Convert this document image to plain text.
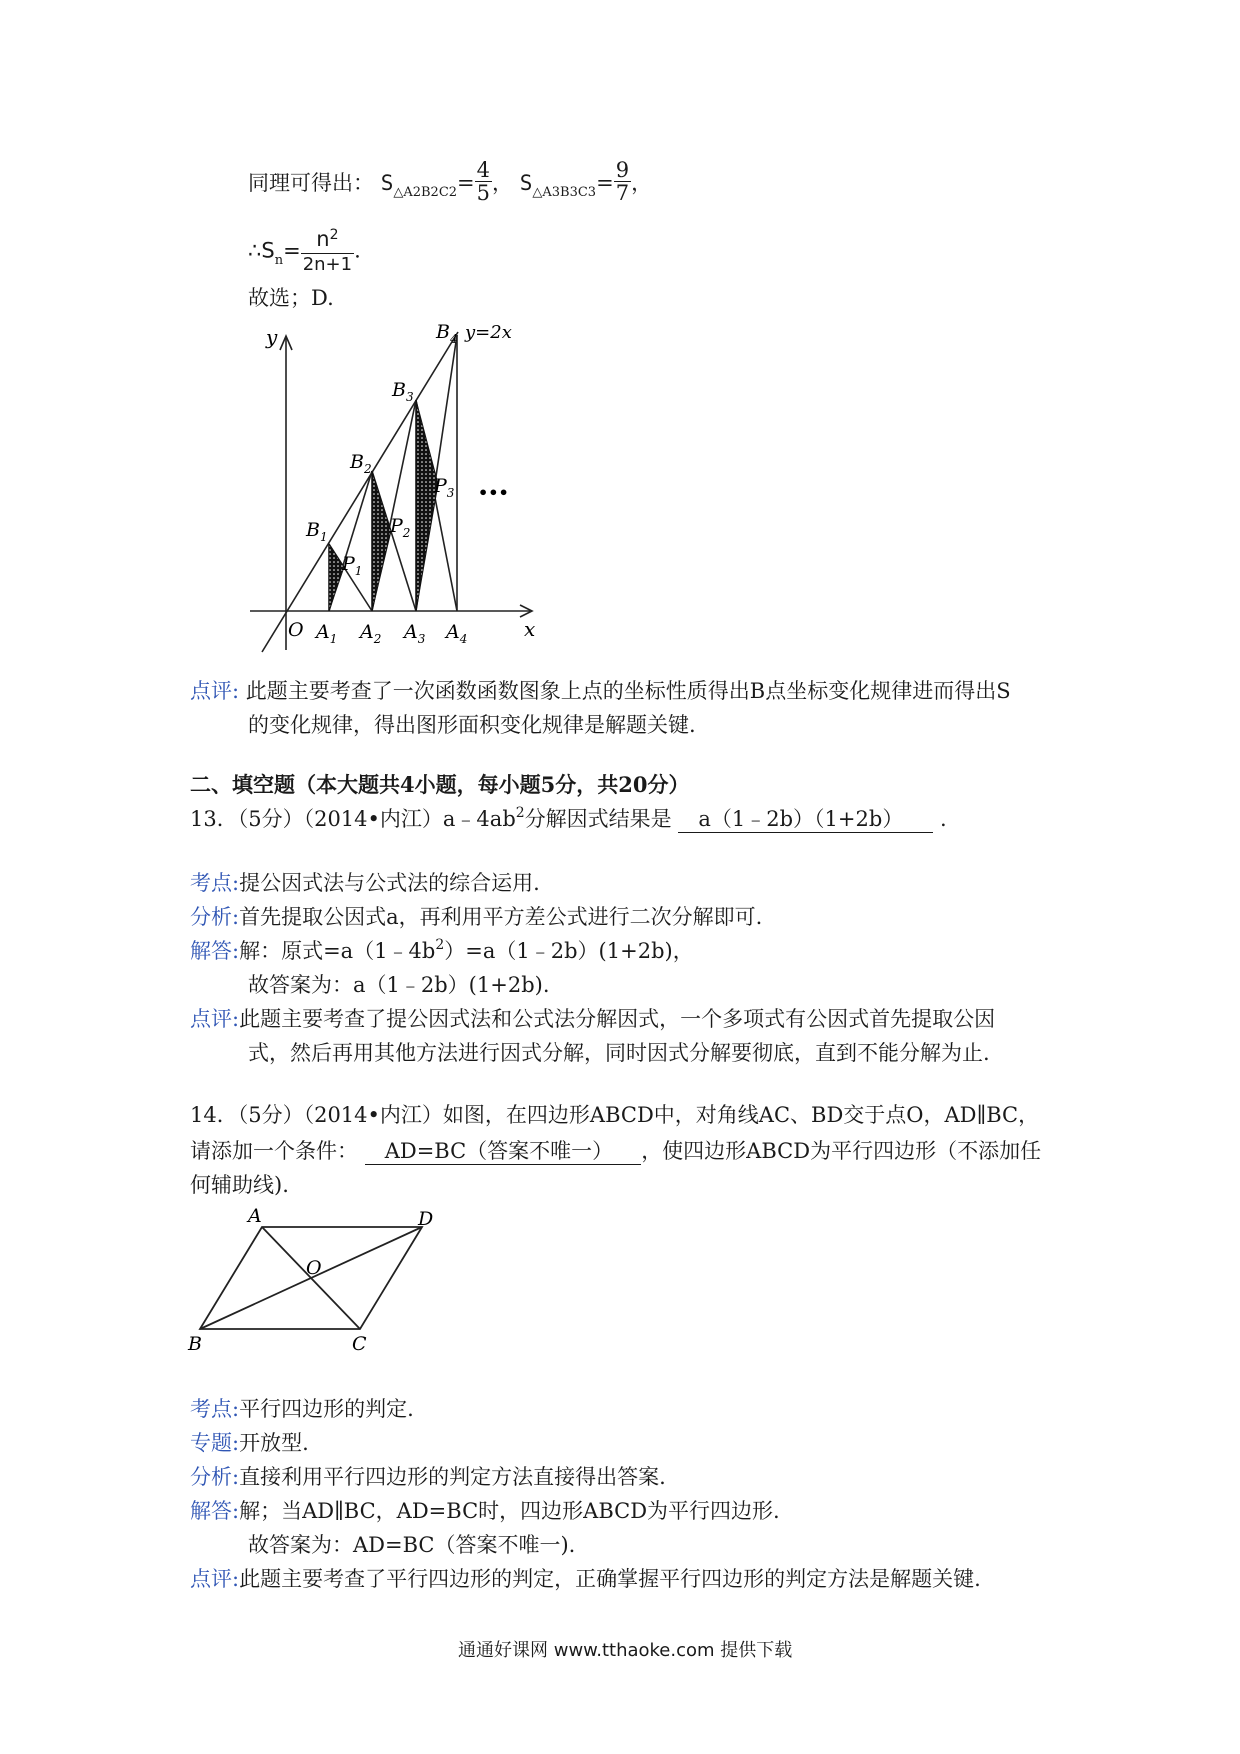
同理可得出： $S_{\triangle A2B2C2}= \frac{4}{5}$ ， $S_{\triangle A3B3C3}= \frac{9}{7}$ ，
$\therefore S_n= \frac{n^2}{2n+1}$ .
故选；D.
y
x
O
y=2x
•••
$A_1$ $A_2$ $A_3$ $A_4$
$B_1$
$B_2$
$B_3$
$B_4$
$P_1$
$P_2$
$P_3$
点评: 此题主要考查了一次函数函数图象上点的坐标性质得出B点坐标变化规律进而得出S
的变化规律，得出图形面积变化规律是解题关键.
二、填空题（本大题共4小题，每小题5分，共20分）
13．（5分）（2014•内江）$a﹣4ab^2$分解因式结果是 a（1﹣2b）（1+2b） .
考点:提公因式法与公式法的综合运用.
分析:首先提取公因式a，再利用平方差公式进行二次分解即可.
解答:解：原式$=a(1﹣4b^2)=a(1﹣2b)(1+2b)$，
故答案为：a（1﹣2b）(1+2b).
点评:此题主要考查了提公因式法和公式法分解因式，一个多项式有公因式首先提取公因
式，然后再用其他方法进行因式分解，同时因式分解要彻底，直到不能分解为止.
14．（5分）（2014•内江）如图，在四边形ABCD中，对角线AC、BD交于点O，AD∥BC，
请添加一个条件： AD=BC（答案不唯一） ，使四边形ABCD为平行四边形（不添加任
何辅助线).
A	D
O
B	C
考点:平行四边形的判定.
专题:开放型.
分析:直接利用平行四边形的判定方法直接得出答案.
解答:解；当AD∥BC，AD=BC时，四边形ABCD为平行四边形.
故答案为：AD=BC（答案不唯一).
点评:此题主要考查了平行四边形的判定，正确掌握平行四边形的判定方法是解题关键.
通通好课网 www.tthaoke.com 提供下载
